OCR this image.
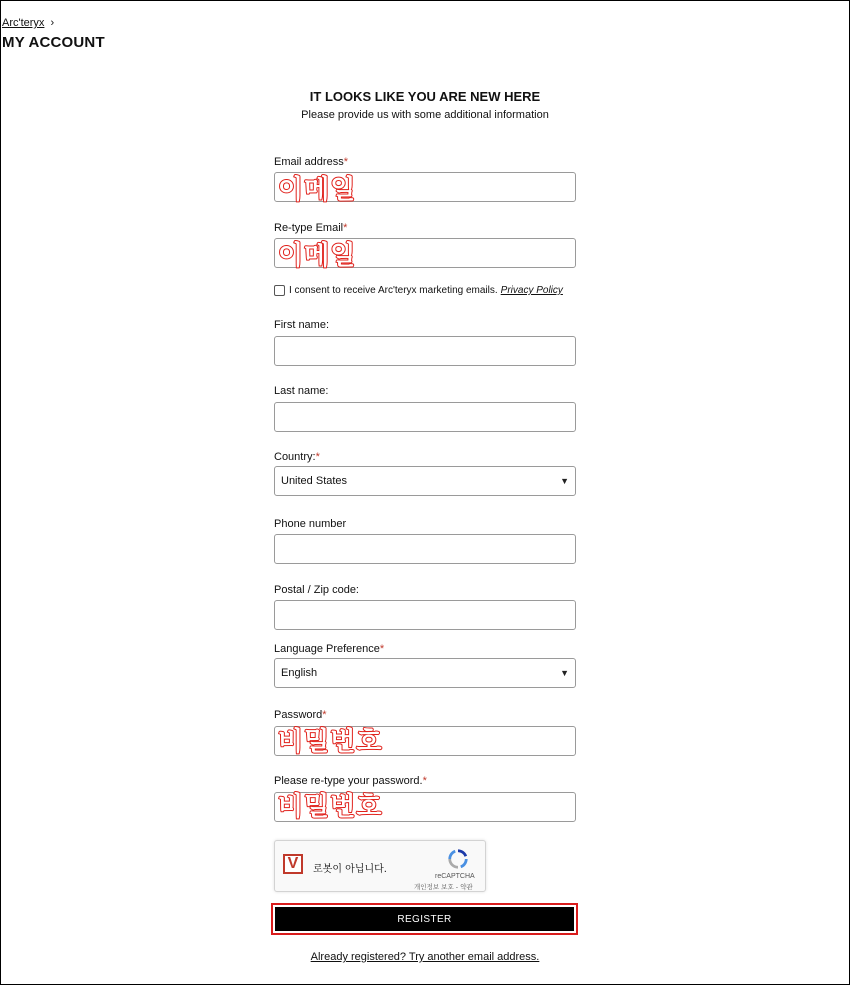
Arc'teryx ›
MY ACCOUNT
IT LOOKS LIKE YOU ARE NEW HERE

Please provide us with some additional information

Email address*
이메일
Re-type Email*
이메일
I consent to receive Arc'teryx marketing emails. Privacy Policy
First name:
Last name:
Country:*
United States	▼
Phone number
Postal / Zip code:
Language Preference*
English	▼
Password*
비밀번호
Please re-type your password.*
비밀번호
V	로봇이 아닙니다.
reCAPTCHA
개인정보 보호 - 약관
REGISTER
Already registered? Try another email address.
